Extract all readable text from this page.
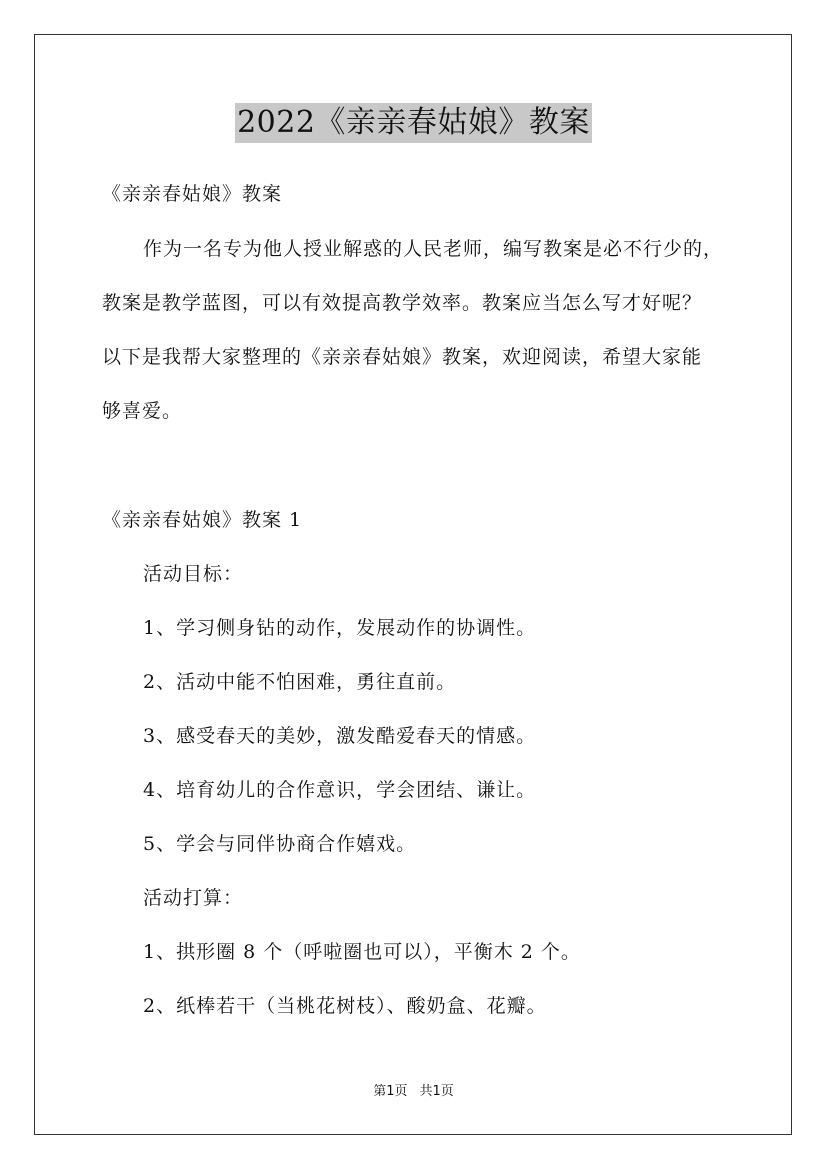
2022《亲亲春姑娘》教案
《亲亲春姑娘》教案
作为一名专为他人授业解惑的人民老师，编写教案是必不行少的，
教案是教学蓝图，可以有效提高教学效率。教案应当怎么写才好呢？
以下是我帮大家整理的《亲亲春姑娘》教案，欢迎阅读，希望大家能
够喜爱。
《亲亲春姑娘》教案 1
活动目标：
1、学习侧身钻的动作，发展动作的协调性。
2、活动中能不怕困难，勇往直前。
3、感受春天的美妙，激发酷爱春天的情感。
4、培育幼儿的合作意识，学会团结、谦让。
5、学会与同伴协商合作嬉戏。
活动打算：
1、拱形圈 8 个（呼啦圈也可以），平衡木 2 个。
2、纸棒若干（当桃花树枝）、酸奶盒、花瓣。
第1页 共1页
